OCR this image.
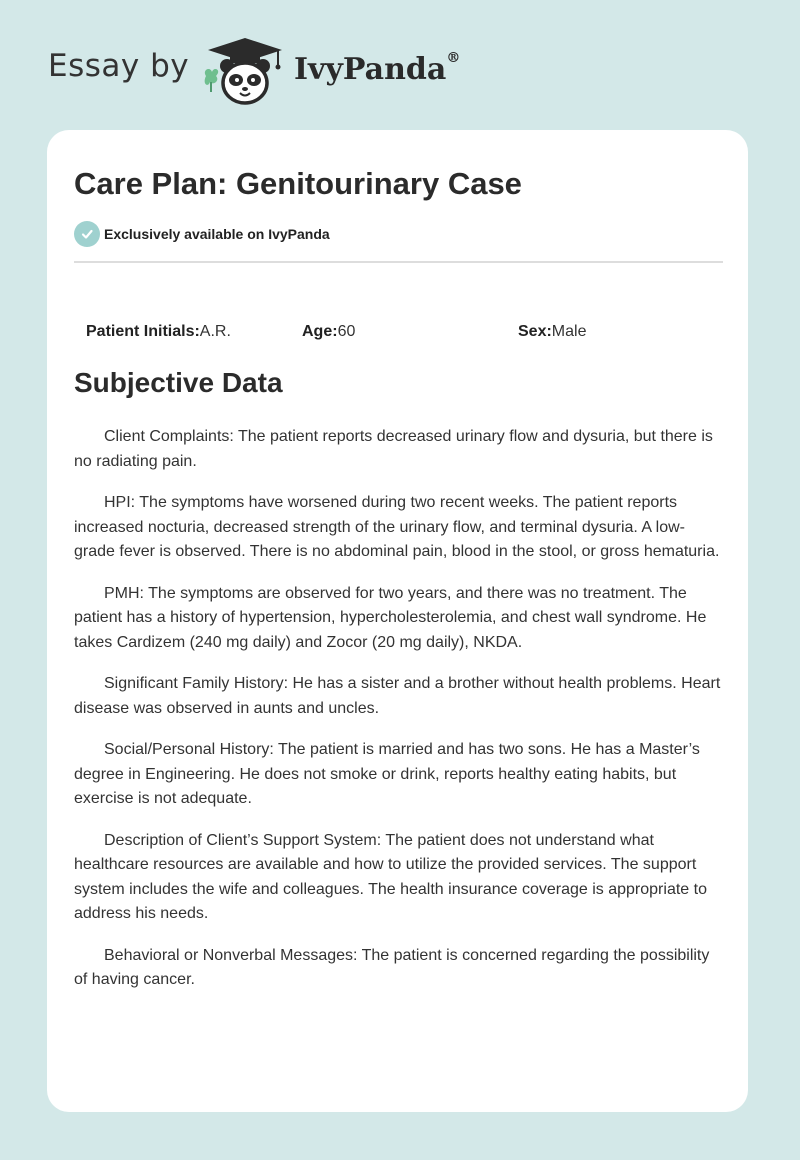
Essay by	IvyPanda®
Care Plan: Genitourinary Case
Exclusively available on IvyPanda
Patient Initials:A.R.	Age:60	Sex:Male
Subjective Data

Client Complaints: The patient reports decreased urinary flow and dysuria, but there is no radiating pain.

HPI: The symptoms have worsened during two recent weeks. The patient reports increased nocturia, decreased strength of the urinary flow, and terminal dysuria. A low-grade fever is observed. There is no abdominal pain, blood in the stool, or gross hematuria.

PMH: The symptoms are observed for two years, and there was no treatment. The patient has a history of hypertension, hypercholesterolemia, and chest wall syndrome. He takes Cardizem (240 mg daily) and Zocor (20 mg daily), NKDA.

Significant Family History: He has a sister and a brother without health problems. Heart disease was observed in aunts and uncles.

Social/Personal History: The patient is married and has two sons. He has a Master’s degree in Engineering. He does not smoke or drink, reports healthy eating habits, but exercise is not adequate.

Description of Client’s Support System: The patient does not understand what healthcare resources are available and how to utilize the provided services. The support system includes the wife and colleagues. The health insurance coverage is appropriate to address his needs.

Behavioral or Nonverbal Messages: The patient is concerned regarding the possibility of having cancer.
